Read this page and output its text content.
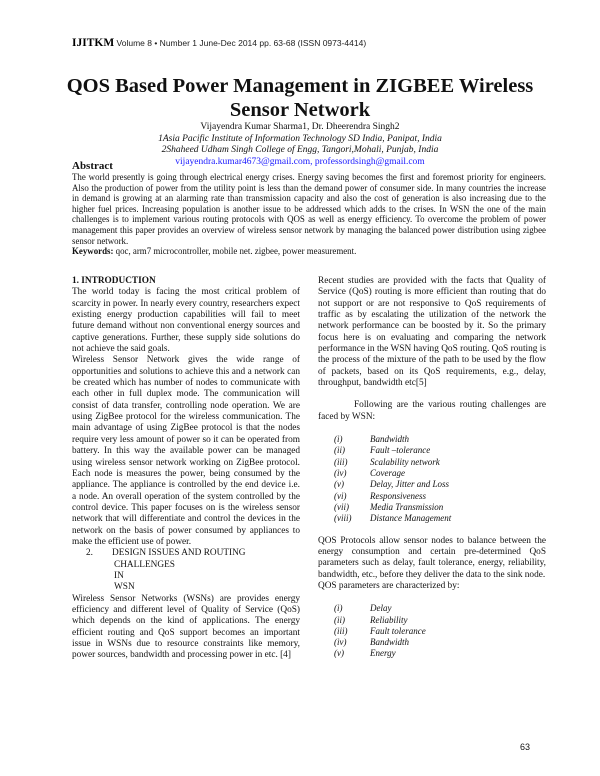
IJITKM Volume 8 • Number 1 June-Dec 2014 pp. 63-68 (ISSN 0973-4414)
QOS Based Power Management in ZIGBEE Wireless Sensor Network
Vijayendra Kumar Sharma1, Dr. Dheerendra Singh2
1Asia Pacific Institute of Information Technology SD India, Panipat, India
2Shaheed Udham Singh College of Engg, Tangori,Mohali, Punjab, India
vijayendra.kumar4673@gmail.com, professordsingh@gmail.com
Abstract
The world presently is going through electrical energy crises. Energy saving becomes the first and foremost priority for engineers. Also the production of power from the utility point is less than the demand power of consumer side. In many countries the increase in demand is growing at an alarming rate than transmission capacity and also the cost of generation is also increasing due to the higher fuel prices. Increasing population is another issue to be addressed which adds to the crises. In WSN the one of the main challenges is to implement various routing protocols with QOS as well as energy efficiency. To overcome the problem of power management this paper provides an overview of wireless sensor network by managing the balanced power distribution using zigbee sensor network.
Keywords: qoc, arm7 microcontroller, mobile net. zigbee, power measurement.

1. INTRODUCTION

The world today is facing the most critical problem of scarcity in power. In nearly every country, researchers expect existing energy production capabilities will fail to meet future demand without non conventional energy sources and captive generations. Further, these supply side solutions do not achieve the said goals.

Wireless Sensor Network gives the wide range of opportunities and solutions to achieve this and a network can be created which has number of nodes to communicate with each other in full duplex mode. The communication will consist of data transfer, controlling node operation. We are using ZigBee protocol for the wireless communication. The main advantage of using ZigBee protocol is that the nodes require very less amount of power so it can be operated from battery. In this way the available power can be managed using wireless sensor network working on ZigBee protocol. Each node is measures the power, being consumed by the appliance. The appliance is controlled by the end device i.e. a node. An overall operation of the system controlled by the control device. This paper focuses on is the wireless sensor network that will differentiate and control the devices in the network on the basis of power consumed by appliances to make the efficient use of power.

2. DESIGN ISSUES AND ROUTING
CHALLENGES IN WSN

Wireless Sensor Networks (WSNs) are provides energy efficiency and different level of Quality of Service (QoS) which depends on the kind of applications. The energy efficient routing and QoS support becomes an important issue in WSNs due to resource constraints like memory, power sources, bandwidth and processing power in etc. [4]

Recent studies are provided with the facts that Quality of Service (QoS) routing is more efficient than routing that do not support or are not responsive to QoS requirements of traffic as by escalating the utilization of the network the network performance can be boosted by it. So the primary focus here is on evaluating and comparing the network performance in the WSN having QoS routing. QoS routing is the process of the mixture of the path to be used by the flow of packets, based on its QoS requirements, e.g., delay, throughput, bandwidth etc[5]

Following are the various routing challenges are faced by WSN:

(i)	Bandwidth
(ii)	Fault –tolerance
(iii)	Scalability network
(iv)	Coverage
(v)	Delay, Jitter and Loss
(vi)	Responsiveness
(vii)	Media Transmission
(viii)	Distance Management

QOS Protocols allow sensor nodes to balance between the energy consumption and certain pre-determined QoS parameters such as delay, fault tolerance, energy, reliability, bandwidth, etc., before they deliver the data to the sink node.

QOS parameters are characterized by:

(i)	Delay
(ii)	Reliability
(iii)	Fault tolerance
(iv)	Bandwidth
(v)	Energy
63
